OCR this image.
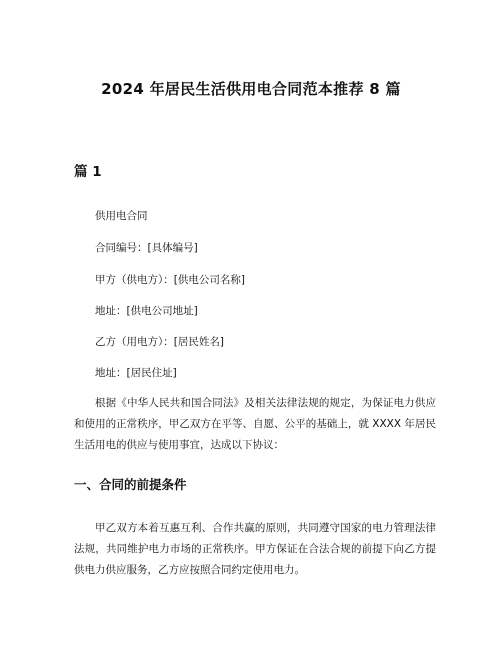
2024 年居民生活供用电合同范本推荐 8 篇
篇 1

供用电合同

合同编号：[具体编号]

甲方（供电方）：[供电公司名称]

地址：[供电公司地址]

乙方（用电方）：[居民姓名]

地址：[居民住址]

根据《中华人民共和国合同法》及相关法律法规的规定，为保证电力供应和使用的正常秩序，甲乙双方在平等、自愿、公平的基础上，就 XXXX 年居民生活用电的供应与使用事宜，达成以下协议：

一、合同的前提条件

甲乙双方本着互惠互利、合作共赢的原则，共同遵守国家的电力管理法律法规，共同维护电力市场的正常秩序。甲方保证在合法合规的前提下向乙方提供电力供应服务，乙方应按照合同约定使用电力。
